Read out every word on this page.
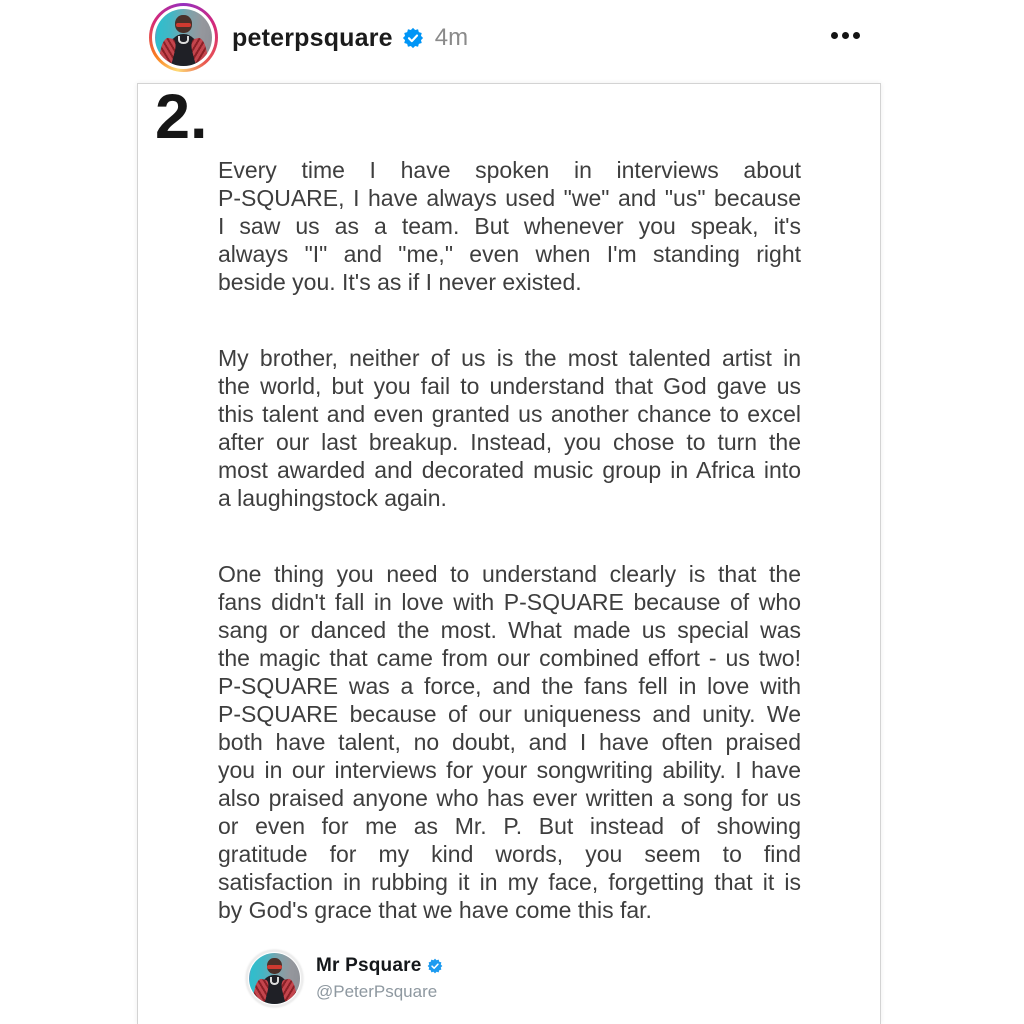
peterpsquare 4m
2.
Every time I have spoken in interviews about
P-SQUARE, I have always used "we" and "us" because
I saw us as a team. But whenever you speak, it's
always "I" and "me," even when I'm standing right
beside you. It's as if I never existed.
My brother, neither of us is the most talented artist in
the world, but you fail to understand that God gave us
this talent and even granted us another chance to excel
after our last breakup. Instead, you chose to turn the
most awarded and decorated music group in Africa into
a laughingstock again.
One thing you need to understand clearly is that the
fans didn't fall in love with P-SQUARE because of who
sang or danced the most. What made us special was
the magic that came from our combined effort - us two!
P-SQUARE was a force, and the fans fell in love with
P-SQUARE because of our uniqueness and unity. We
both have talent, no doubt, and I have often praised
you in our interviews for your songwriting ability. I have
also praised anyone who has ever written a song for us
or even for me as Mr. P. But instead of showing
gratitude for my kind words, you seem to find
satisfaction in rubbing it in my face, forgetting that it is
by God's grace that we have come this far.
Mr Psquare
@PeterPsquare
